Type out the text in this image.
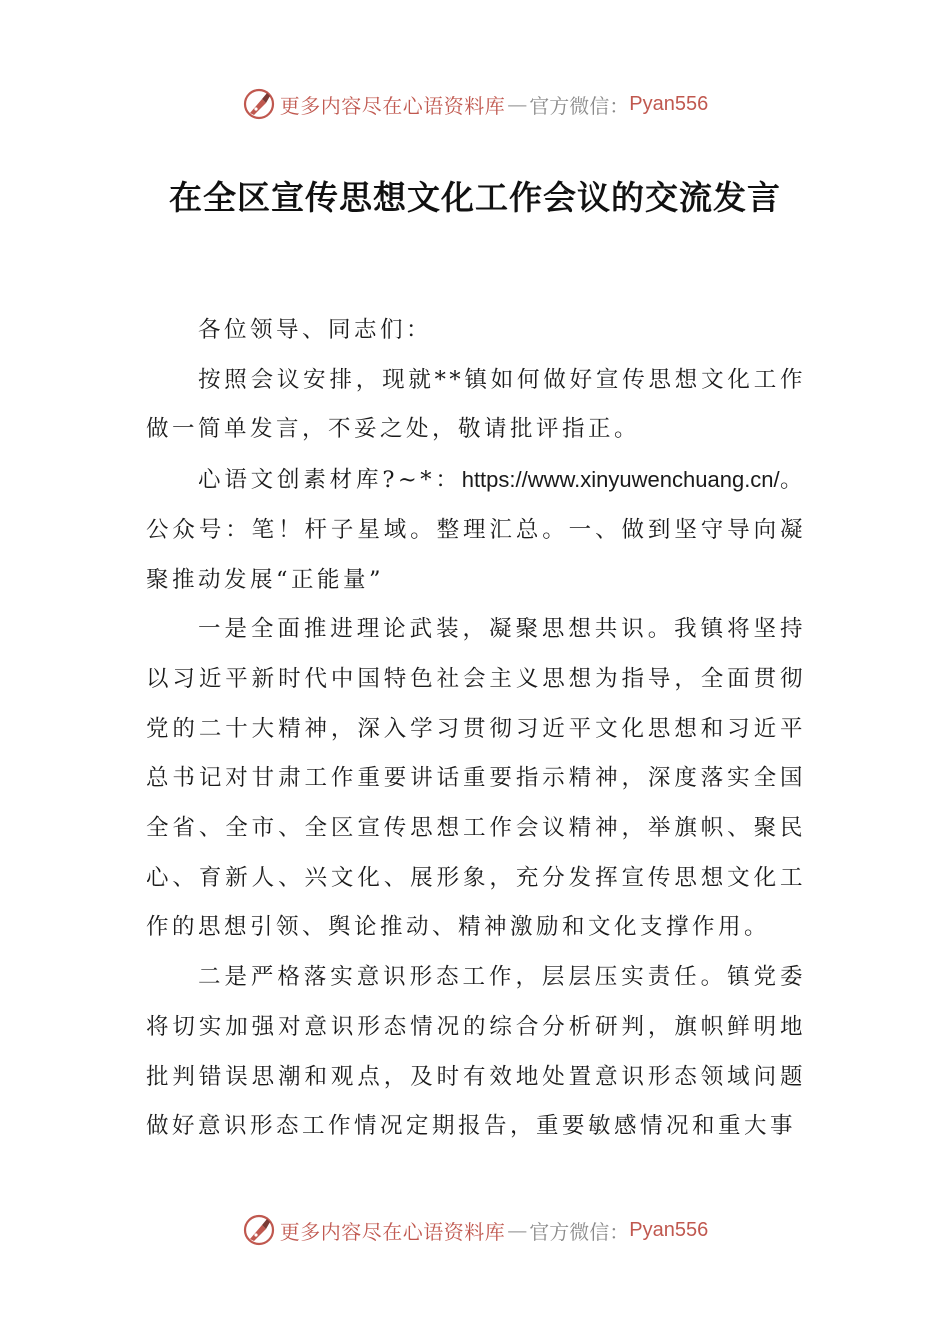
更多内容尽在心语资料库 — 官方微信： Pyan556
在全区宣传思想文化工作会议的交流发言

各位领导、同志们：

按照会议安排，现就**镇如何做好宣传思想文化工作做一简单发言，不妥之处，敬请批评指正。

心语文创素材库?~*：https://www.xinyuwenchuang.cn/。公众号：笔！杆子星域。整理汇总。一、做到坚守导向凝聚推动发展“正能量”

一是全面推进理论武装，凝聚思想共识。我镇将坚持以习近平新时代中国特色社会主义思想为指导，全面贯彻党的二十大精神，深入学习贯彻习近平文化思想和习近平总书记对甘肃工作重要讲话重要指示精神，深度落实全国全省、全市、全区宣传思想工作会议精神，举旗帜、聚民心、育新人、兴文化、展形象，充分发挥宣传思想文化工作的思想引领、舆论推动、精神激励和文化支撑作用。

二是严格落实意识形态工作，层层压实责任。镇党委将切实加强对意识形态情况的综合分析研判，旗帜鲜明地批判错误思潮和观点，及时有效地处置意识形态领域问题做好意识形态工作情况定期报告，重要敏感情况和重大事

更多内容尽在心语资料库 — 官方微信： Pyan556
